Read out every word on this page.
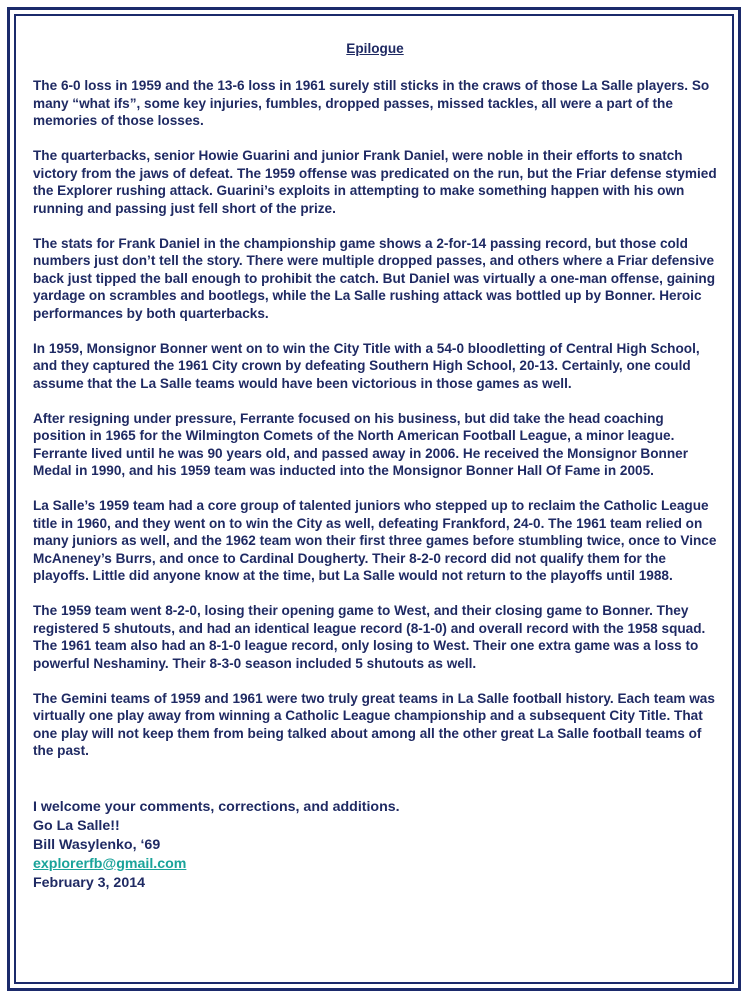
Epilogue

The 6-0 loss in 1959 and the 13-6 loss in 1961 surely still sticks in the craws of those La Salle players. So many “what ifs”, some key injuries, fumbles, dropped passes, missed tackles, all were a part of the memories of those losses.

The quarterbacks, senior Howie Guarini and junior Frank Daniel, were noble in their efforts to snatch victory from the jaws of defeat. The 1959 offense was predicated on the run, but the Friar defense stymied the Explorer rushing attack. Guarini’s exploits in attempting to make something happen with his own running and passing just fell short of the prize.

The stats for Frank Daniel in the championship game shows a 2-for-14 passing record, but those cold numbers just don’t tell the story. There were multiple dropped passes, and others where a Friar defensive back just tipped the ball enough to prohibit the catch. But Daniel was virtually a one-man offense, gaining yardage on scrambles and bootlegs, while the La Salle rushing attack was bottled up by Bonner. Heroic performances by both quarterbacks.

In 1959, Monsignor Bonner went on to win the City Title with a 54-0 bloodletting of Central High School, and they captured the 1961 City crown by defeating Southern High School, 20-13. Certainly, one could assume that the La Salle teams would have been victorious in those games as well.

After resigning under pressure, Ferrante focused on his business, but did take the head coaching position in 1965 for the Wilmington Comets of the North American Football League, a minor league. Ferrante lived until he was 90 years old, and passed away in 2006. He received the Monsignor Bonner Medal in 1990, and his 1959 team was inducted into the Monsignor Bonner Hall Of Fame in 2005.

La Salle’s 1959 team had a core group of talented juniors who stepped up to reclaim the Catholic League title in 1960, and they went on to win the City as well, defeating Frankford, 24-0. The 1961 team relied on many juniors as well, and the 1962 team won their first three games before stumbling twice, once to Vince McAneney’s Burrs, and once to Cardinal Dougherty. Their 8-2-0 record did not qualify them for the playoffs. Little did anyone know at the time, but La Salle would not return to the playoffs until 1988.

The 1959 team went 8-2-0, losing their opening game to West, and their closing game to Bonner. They registered 5 shutouts, and had an identical league record (8-1-0) and overall record with the 1958 squad. The 1961 team also had an 8-1-0 league record, only losing to West. Their one extra game was a loss to powerful Neshaminy. Their 8-3-0 season included 5 shutouts as well.

The Gemini teams of 1959 and 1961 were two truly great teams in La Salle football history. Each team was virtually one play away from winning a Catholic League championship and a subsequent City Title. That one play will not keep them from being talked about among all the other great La Salle football teams of the past.

I welcome your comments, corrections, and additions.
Go La Salle!!
Bill Wasylenko, ‘69
explorerfb@gmail.com
February 3, 2014
